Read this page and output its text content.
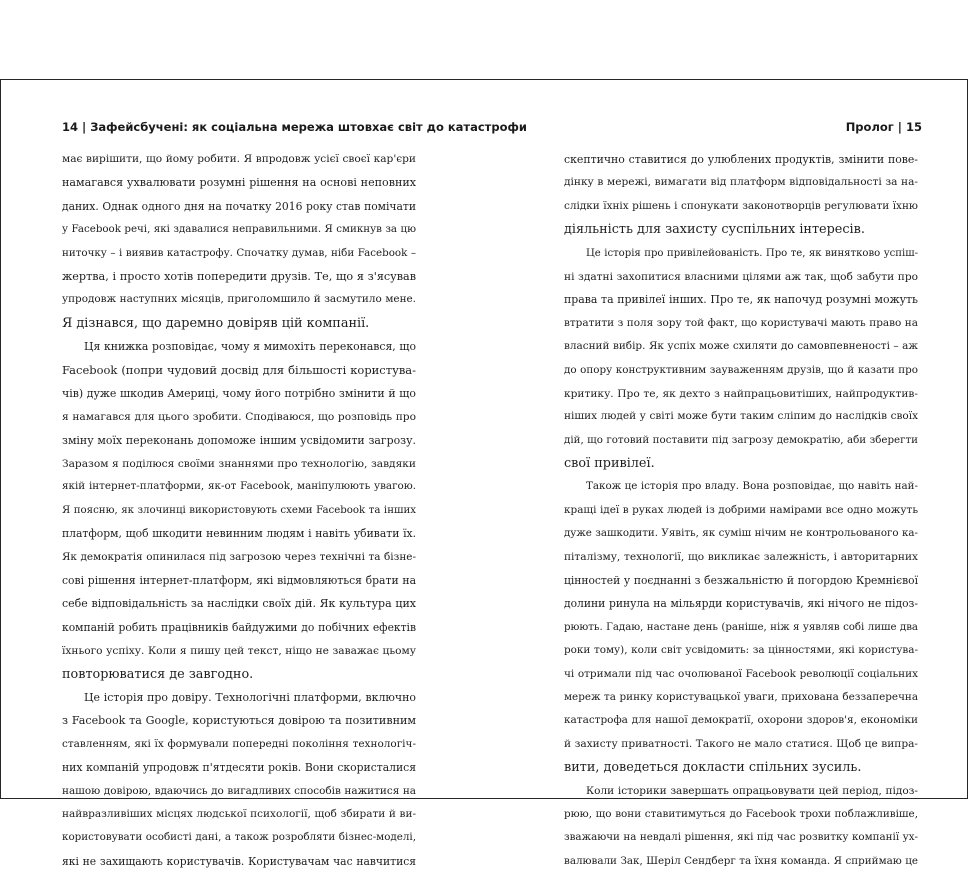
14 | Зафейсбучені: як соціальна мережа штовхає світ до катастрофи	Пролог | 15
має вирішити, що йому робити. Я впродовж усієї своєї кар'єри
намагався ухвалювати розумні рішення на основі неповних
даних. Однак одного дня на початку 2016 року став помічати
у Facebook речі, які здавалися неправильними. Я смикнув за цю
ниточку – і виявив катастрофу. Спочатку думав, ніби Facebook –
жертва, і просто хотів попередити друзів. Те, що я з'ясував
упродовж наступних місяців, приголомшило й засмутило мене.
Я дізнався, що даремно довіряв цій компанії.
Ця книжка розповідає, чому я мимохіть переконався, що
Facebook (попри чудовий досвід для більшості користува-
чів) дуже шкодив Америці, чому його потрібно змінити й що
я намагався для цього зробити. Сподіваюся, що розповідь про
зміну моїх переконань допоможе іншим усвідомити загрозу.
Заразом я поділюся своїми знаннями про технологію, завдяки
якій інтернет-платформи, як-от Facebook, маніпулюють увагою.
Я поясню, як злочинці використовують схеми Facebook та інших
платформ, щоб шкодити невинним людям і навіть убивати їх.
Як демократія опинилася під загрозою через технічні та бізне-
сові рішення інтернет-платформ, які відмовляються брати на
себе відповідальність за наслідки своїх дій. Як культура цих
компаній робить працівників байдужими до побічних ефектів
їхнього успіху. Коли я пишу цей текст, ніщо не заважає цьому
повторюватися де завгодно.
Це історія про довіру. Технологічні платформи, включно
з Facebook та Google, користуються довірою та позитивним
ставленням, які їх формували попередні покоління технологіч-
них компаній упродовж п'ятдесяти років. Вони скористалися
нашою довірою, вдаючись до вигадливих способів нажитися на
найвразливіших місцях людської психології, щоб збирати й ви-
користовувати особисті дані, а також розробляти бізнес-моделі,
які не захищають користувачів. Користувачам час навчитися
скептично ставитися до улюблених продуктів, змінити пове-
дінку в мережі, вимагати від платформ відповідальності за на-
слідки їхніх рішень і спонукати законотворців регулювати їхню
діяльність для захисту суспільних інтересів.
Це історія про привілейованість. Про те, як винятково успіш-
ні здатні захопитися власними цілями аж так, щоб забути про
права та привілеї інших. Про те, як напочуд розумні можуть
втратити з поля зору той факт, що користувачі мають право на
власний вибір. Як успіх може схиляти до самовпевненості – аж
до опору конструктивним зауваженням друзів, що й казати про
критику. Про те, як дехто з найпрацьовитіших, найпродуктив-
ніших людей у світі може бути таким сліпим до наслідків своїх
дій, що готовий поставити під загрозу демократію, аби зберегти
свої привілеї.
Також це історія про владу. Вона розповідає, що навіть най-
кращі ідеї в руках людей із добрими намірами все одно можуть
дуже зашкодити. Уявіть, як суміш нічим не контрольованого ка-
піталізму, технології, що викликає залежність, і авторитарних
цінностей у поєднанні з безжальністю й погордою Кремнієвої
долини ринула на мільярди користувачів, які нічого не підоз-
рюють. Гадаю, настане день (раніше, ніж я уявляв собі лише два
роки тому), коли світ усвідомить: за цінностями, які користува-
чі отримали під час очолюваної Facebook революції соціальних
мереж та ринку користувацької уваги, прихована беззаперечна
катастрофа для нашої демократії, охорони здоров'я, економіки
й захисту приватності. Такого не мало статися. Щоб це випра-
вити, доведеться докласти спільних зусиль.
Коли історики завершать опрацьовувати цей період, підоз-
рюю, що вони ставитимуться до Facebook трохи поблажливіше,
зважаючи на невдалі рішення, які під час розвитку компанії ух-
валювали Зак, Шеріл Сендберг та їхня команда. Я сприймаю це
